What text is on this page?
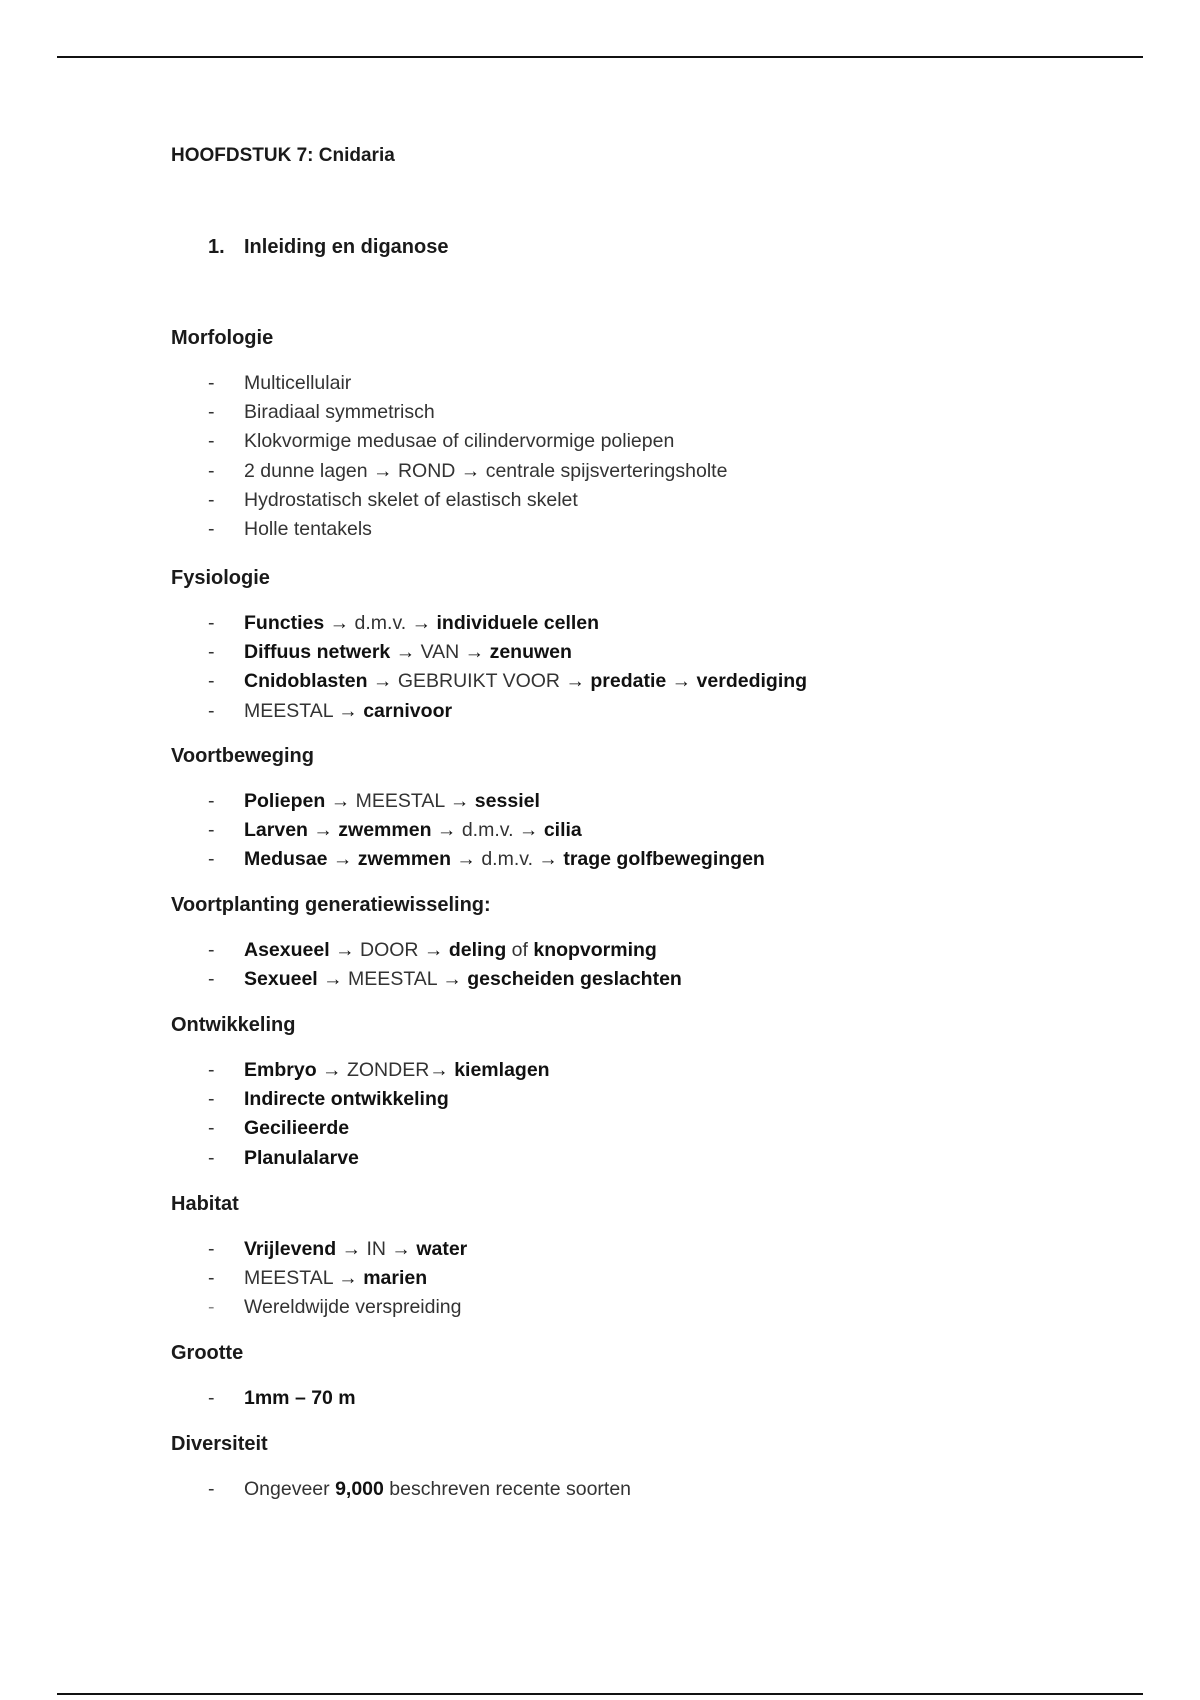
HOOFDSTUK 7: Cnidaria
1. Inleiding en diganose
Morfologie
- Multicellulair
- Biradiaal symmetrisch
- Klokvormige medusae of cilindervormige poliepen
- 2 dunne lagen → ROND → centrale spijsverteringsholte
- Hydrostatisch skelet of elastisch skelet
- Holle tentakels
Fysiologie
- Functies → d.m.v. → individuele cellen
- Diffuus netwerk → VAN → zenuwen
- Cnidoblasten → GEBRUIKT VOOR → predatie → verdediging
- MEESTAL → carnivoor
Voortbeweging
- Poliepen → MEESTAL → sessiel
- Larven → zwemmen → d.m.v. → cilia
- Medusae → zwemmen → d.m.v. → trage golfbewegingen
Voortplanting generatiewisseling:
- Asexueel → DOOR → deling of knopvorming
- Sexueel → MEESTAL → gescheiden geslachten
Ontwikkeling
- Embryo → ZONDER→ kiemlagen
- Indirecte ontwikkeling
- Gecilieerde
- Planulalarve
Habitat
- Vrijlevend → IN → water
- MEESTAL → marien
- Wereldwijde verspreiding
Grootte
- 1mm – 70 m
Diversiteit
- Ongeveer 9,000 beschreven recente soorten
